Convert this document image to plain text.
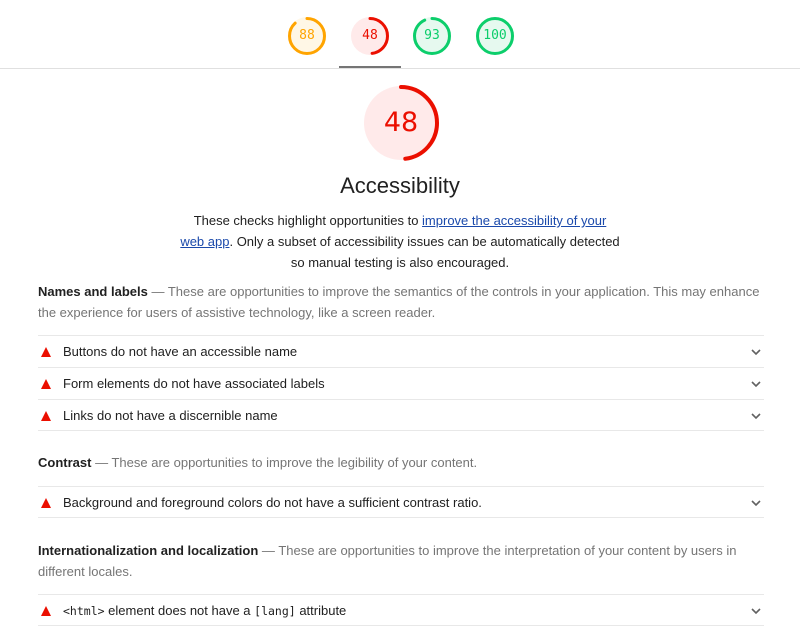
88	48	93	100
48
Accessibility
These checks highlight opportunities to improve the accessibility of your web app. Only a subset of accessibility issues can be automatically detected so manual testing is also encouraged.
Names and labels — These are opportunities to improve the semantics of the controls in your application. This may enhance the experience for users of assistive technology, like a screen reader.
Buttons do not have an accessible name
Form elements do not have associated labels
Links do not have a discernible name
Contrast — These are opportunities to improve the legibility of your content.
Background and foreground colors do not have a sufficient contrast ratio.
Internationalization and localization — These are opportunities to improve the interpretation of your content by users in different locales.
<html> element does not have a [lang] attribute
